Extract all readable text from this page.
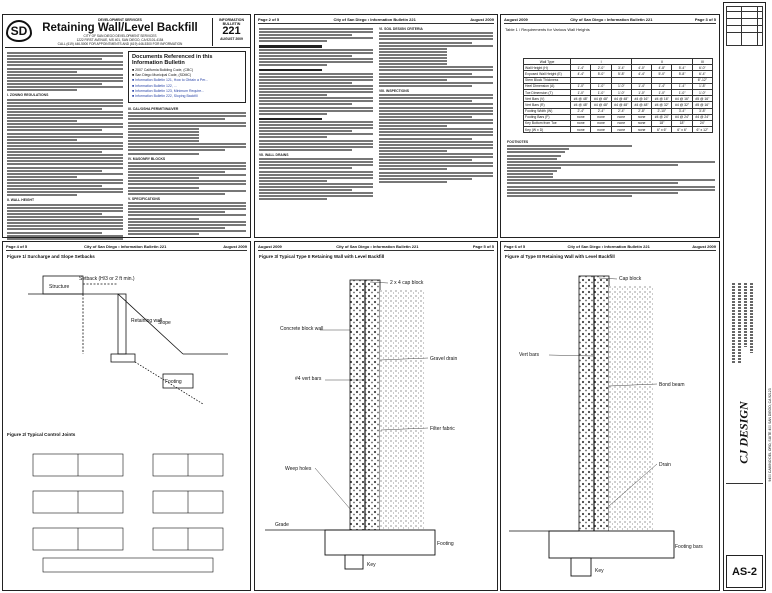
SD
DEVELOPMENT SERVICES
Retaining Wall/Level Backfill
CITY OF SAN DIEGO DEVELOPMENT SERVICES
1222 FIRST AVENUE, MS 401, SAN DIEGO, CA 92101-4154
CALL (619) 446-5000 FOR APPOINTMENTS AND (619) 446-5300 FOR INFORMATION
INFORMATION BULLETIN
221
AUGUST 2009
I. ZONING REGULATIONS
II. WALL HEIGHT
Documents Referenced in this Information Bulletin
■ 2007 California Building Code, (CBC)
■ San Diego Municipal Code, (SDMC)
■ Information Bulletin 121, How to Obtain a Per...
■ Information Bulletin 122, ...
■ Information Bulletin 123, Minimum Require...
■ Information Bulletin 222, Sloping Backfill
III. CAL/OSHA PERMIT/WAIVER
IV. MASONRY BLOCKS
V. SPECIFICATIONS
Page 2 of 5	City of San Diego • Information Bulletin 221	August 2009
VII. WALL DRAINS
VI. SOIL DESIGN CRITERIA
VIII. INSPECTIONS
August 2009	City of San Diego • Information Bulletin 221	Page 3 of 5
Table 1 / Requirements for Various Wall Heights
Wall Type	I			II			III
Wall Height (H)	1'-4"	2'-0"	3'-4"	4'-0"	4'-8"	5'-4"	6'-0"
Exposed Wall Height (E)	4'-4"	5'-0"	5'-8"	4'-4"	5'-0"	5'-8"	6'-4"
Stem Block Thickness							6"-12"
Heel Dimension (A)	1'-0"	1'-0"	1'-0"	1'-4"	1'-4"	1'-4"	1'-8"
Toe Dimension (T)	1'-0"	1'-0"	1'-0"	1'-0"	1'-0"	1'-0"	1'-0"
Vert Bars (V)	#4 @ 48"	#4 @ 48"	#4 @ 48"	#4 @ 16"	#4 @ 16"	#4 @ 16"	#5 @ 16"
Vert Bars (R)	#4 @ 48"	#4 @ 48"	#4 @ 48"	#4 @ 48"	#4 @ 32"	#4 @ 32"	#5 @ 16"
Footing Width (W)	2'-4"	2'-4"	2'-4"	2'-8"	2'-10"	3'-4"	3'-8"
Footing Bars (F)	none	none	none	none	#4 @ 24"	#4 @ 24"	#4 @ 24"
Key Bottom from Toe	none	none	none	none	18"	18"	24"
Key (W x D)	none	none	none	none	6" x 6"	6" x 6"	6" x 12"
FOOTNOTES
Page 4 of 5	City of San Diego • Information Bulletin 221	August 2009
Figure 1/ Surcharge and Slope Setbacks
Structure
Setback (H/3 or 2 ft min.)
Retaining wall
Slope
Footing
Figure 2/ Typical Control Joints
August 2009	City of San Diego • Information Bulletin 221	Page 5 of 5
Figure 3/ Typical Type II Retaining Wall with Level Backfill
2 x 4 cap block
Concrete block wall
#4 vert bars
Gravel drain
Weep holes
Filter fabric
Grade
Footing
Key
Page 6 of 5	City of San Diego • Information Bulletin 221	August 2009
Figure 4/ Type III Retaining Wall with Level Backfill
Cap block
Vert bars
Bond beam
Drain
Footing bars
Key
CJ DESIGN	9400 CAMINO DEL ORO, SUITE 400 SAN DIEGO, CA 92123
AS-2
